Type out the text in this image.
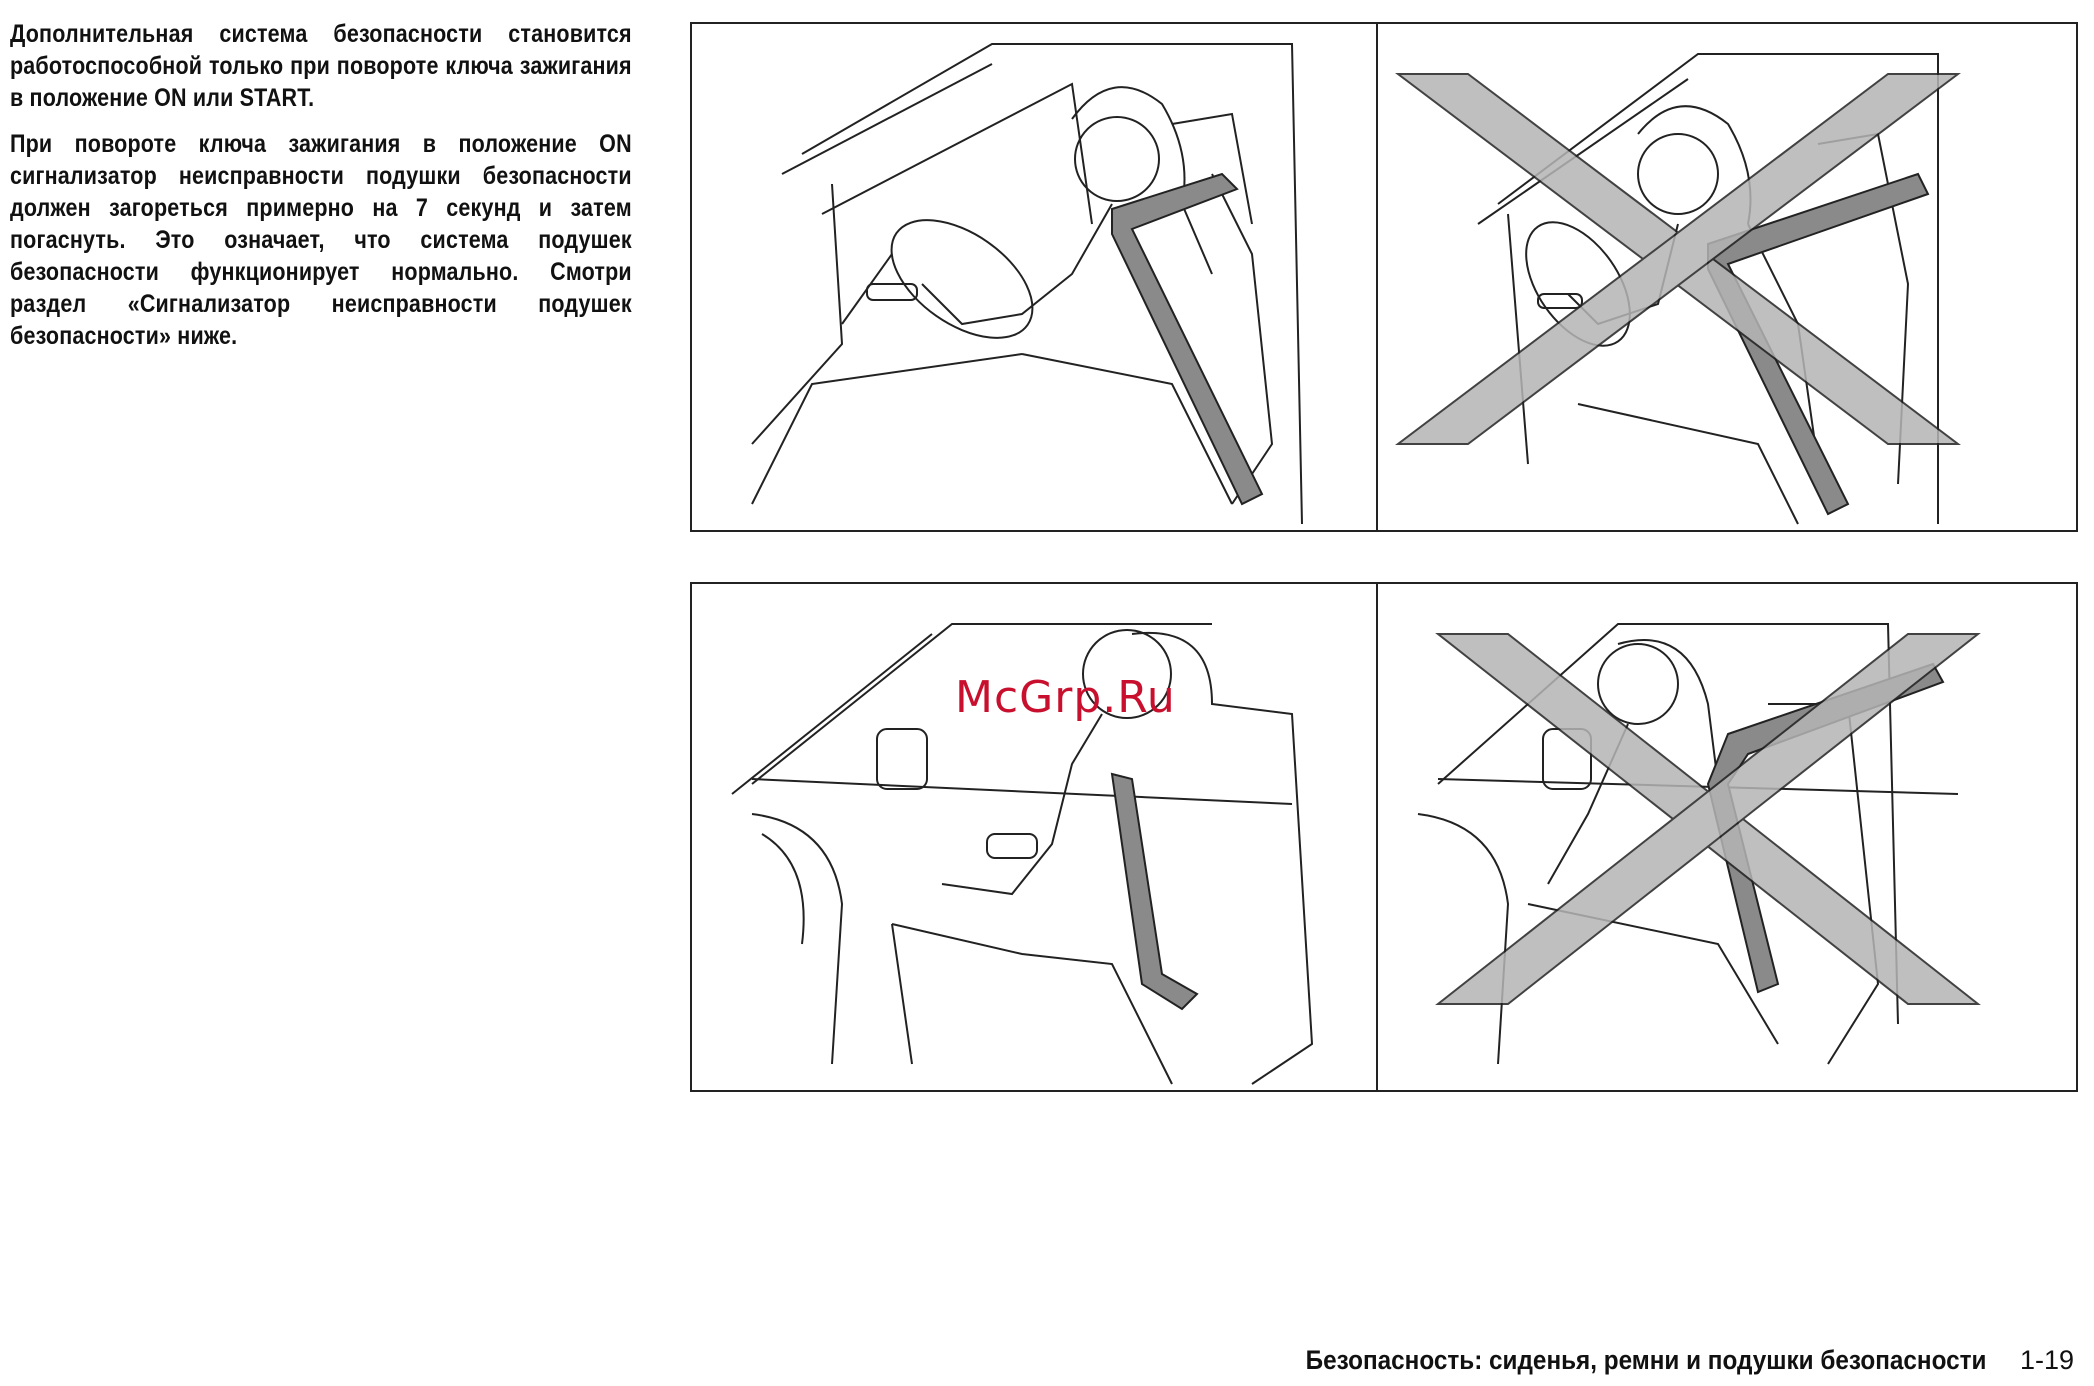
Дополнительная система безопасности становится работоспособной только при повороте ключа зажигания в положение ON или START.

При повороте ключа зажигания в положение ON сигнализатор неисправности подушки безопасности должен загореться примерно на 7 секунд и затем погаснуть. Это означает, что система подушек безопасности функционирует нормально. Смотри раздел «Сигнализатор неисправности подушек безопасности» ниже.

McGrp.Ru
Безопасность: сиденья, ремни и подушки безопасности 1-19
